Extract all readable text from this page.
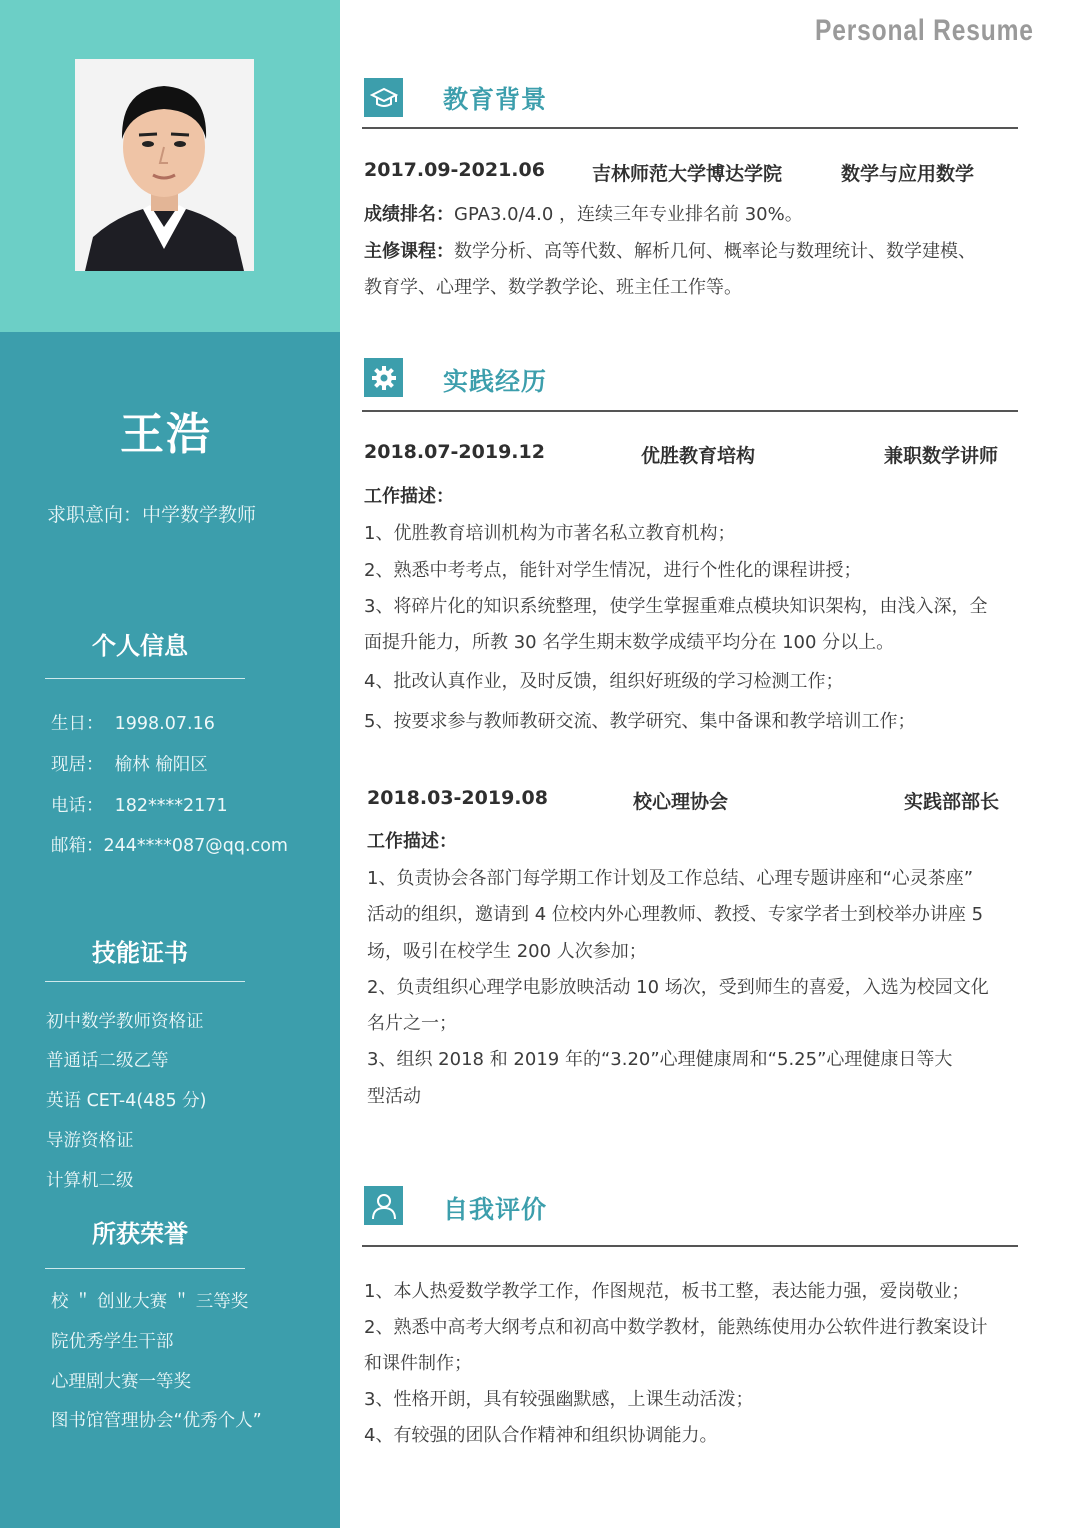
王浩
求职意向：中学数学教师
个人信息
生日： 1998.07.16
现居： 榆林 榆阳区
电话： 182****2171
邮箱：244****087@qq.com
技能证书
初中数学教师资格证
普通话二级乙等
英语 CET-4(485 分)
导游资格证
计算机二级
所获荣誉
校 ＂ 创业大赛 ＂ 三等奖
院优秀学生干部
心理剧大赛一等奖
图书馆管理协会“优秀个人”
Personal Resume
教育背景
2017.09-2021.06 吉林师范大学博达学院	数学与应用数学
成绩排名：GPA3.0/4.0 ，连续三年专业排名前 30%。
主修课程：数学分析、高等代数、解析几何、概率论与数理统计、数学建模、
教育学、心理学、数学教学论、班主任工作等。
实践经历
2018.07-2019.12	优胜教育培构	兼职数学讲师
工作描述：
1、优胜教育培训机构为市著名私立教育机构；
2、熟悉中考考点，能针对学生情况，进行个性化的课程讲授；
3、将碎片化的知识系统整理，使学生掌握重难点模块知识架构，由浅入深，全
面提升能力，所教 30 名学生期末数学成绩平均分在 100 分以上。
4、批改认真作业，及时反馈，组织好班级的学习检测工作；
5、按要求参与教师教研交流、教学研究、集中备课和教学培训工作；
2018.03-2019.08	校心理协会	实践部部长
工作描述：
1、负责协会各部门每学期工作计划及工作总结、心理专题讲座和“心灵茶座”
活动的组织，邀请到 4 位校内外心理教师、教授、专家学者士到校举办讲座 5
场，吸引在校学生 200 人次参加；
2、负责组织心理学电影放映活动 10 场次，受到师生的喜爱，入选为校园文化
名片之一；
3、组织 2018 和 2019 年的“3.20”心理健康周和“5.25”心理健康日等大
型活动
自我评价
1、本人热爱数学教学工作，作图规范，板书工整，表达能力强，爱岗敬业；
2、熟悉中高考大纲考点和初高中数学教材，能熟练使用办公软件进行教案设计
和课件制作；
3、性格开朗，具有较强幽默感，上课生动活泼；
4、有较强的团队合作精神和组织协调能力。
